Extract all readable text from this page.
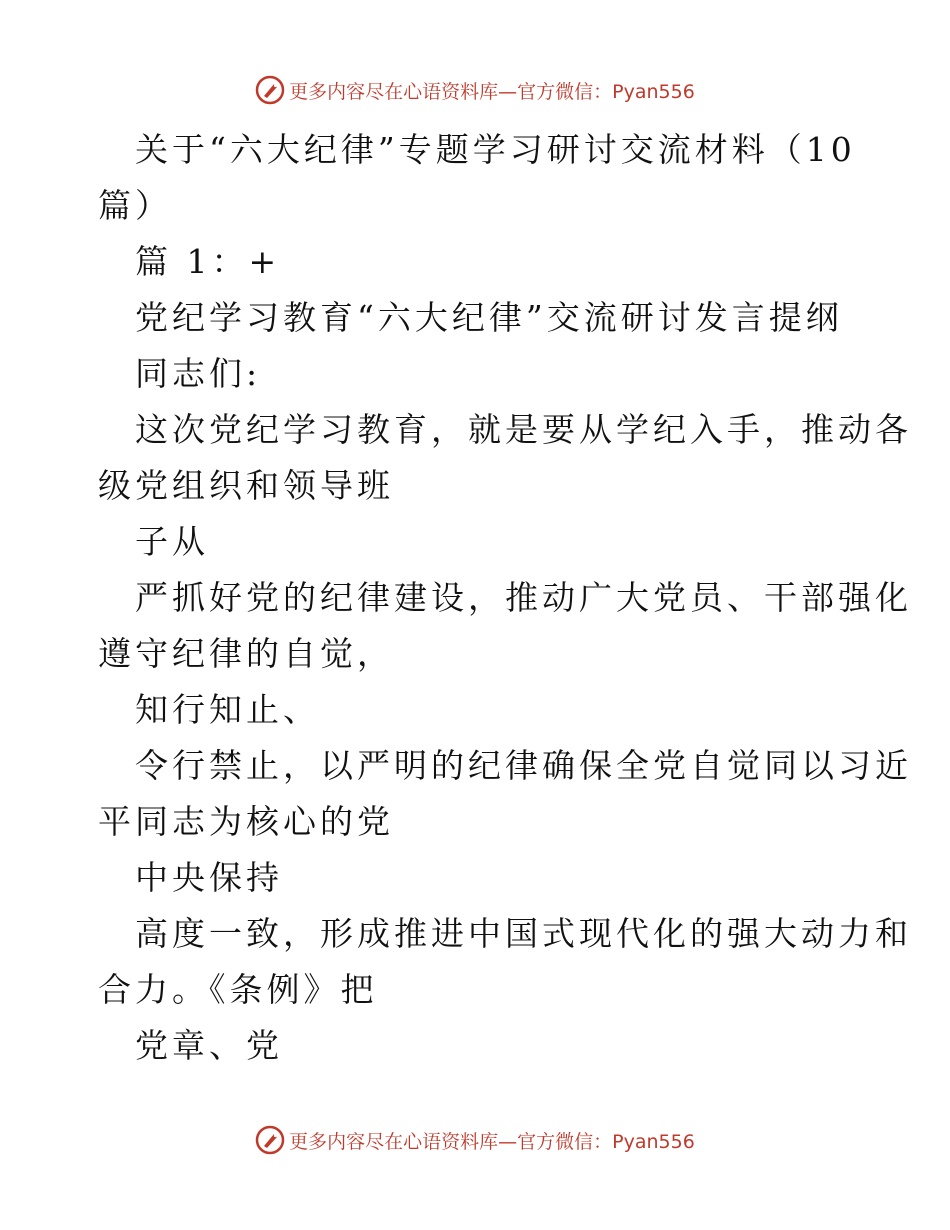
更多内容尽在心语资料库—官方微信：Pyan556
关于“六大纪律”专题学习研讨交流材料（10
篇）
篇 1：+
党纪学习教育“六大纪律”交流研讨发言提纲
同志们:
这次党纪学习教育，就是要从学纪入手，推动各
级党组织和领导班
子从
严抓好党的纪律建设，推动广大党员、干部强化
遵守纪律的自觉，
知行知止、
令行禁止，以严明的纪律确保全党自觉同以习近
平同志为核心的党
中央保持
高度一致，形成推进中国式现代化的强大动力和
合力。《条例》把
党章、党
更多内容尽在心语资料库—官方微信：Pyan556
